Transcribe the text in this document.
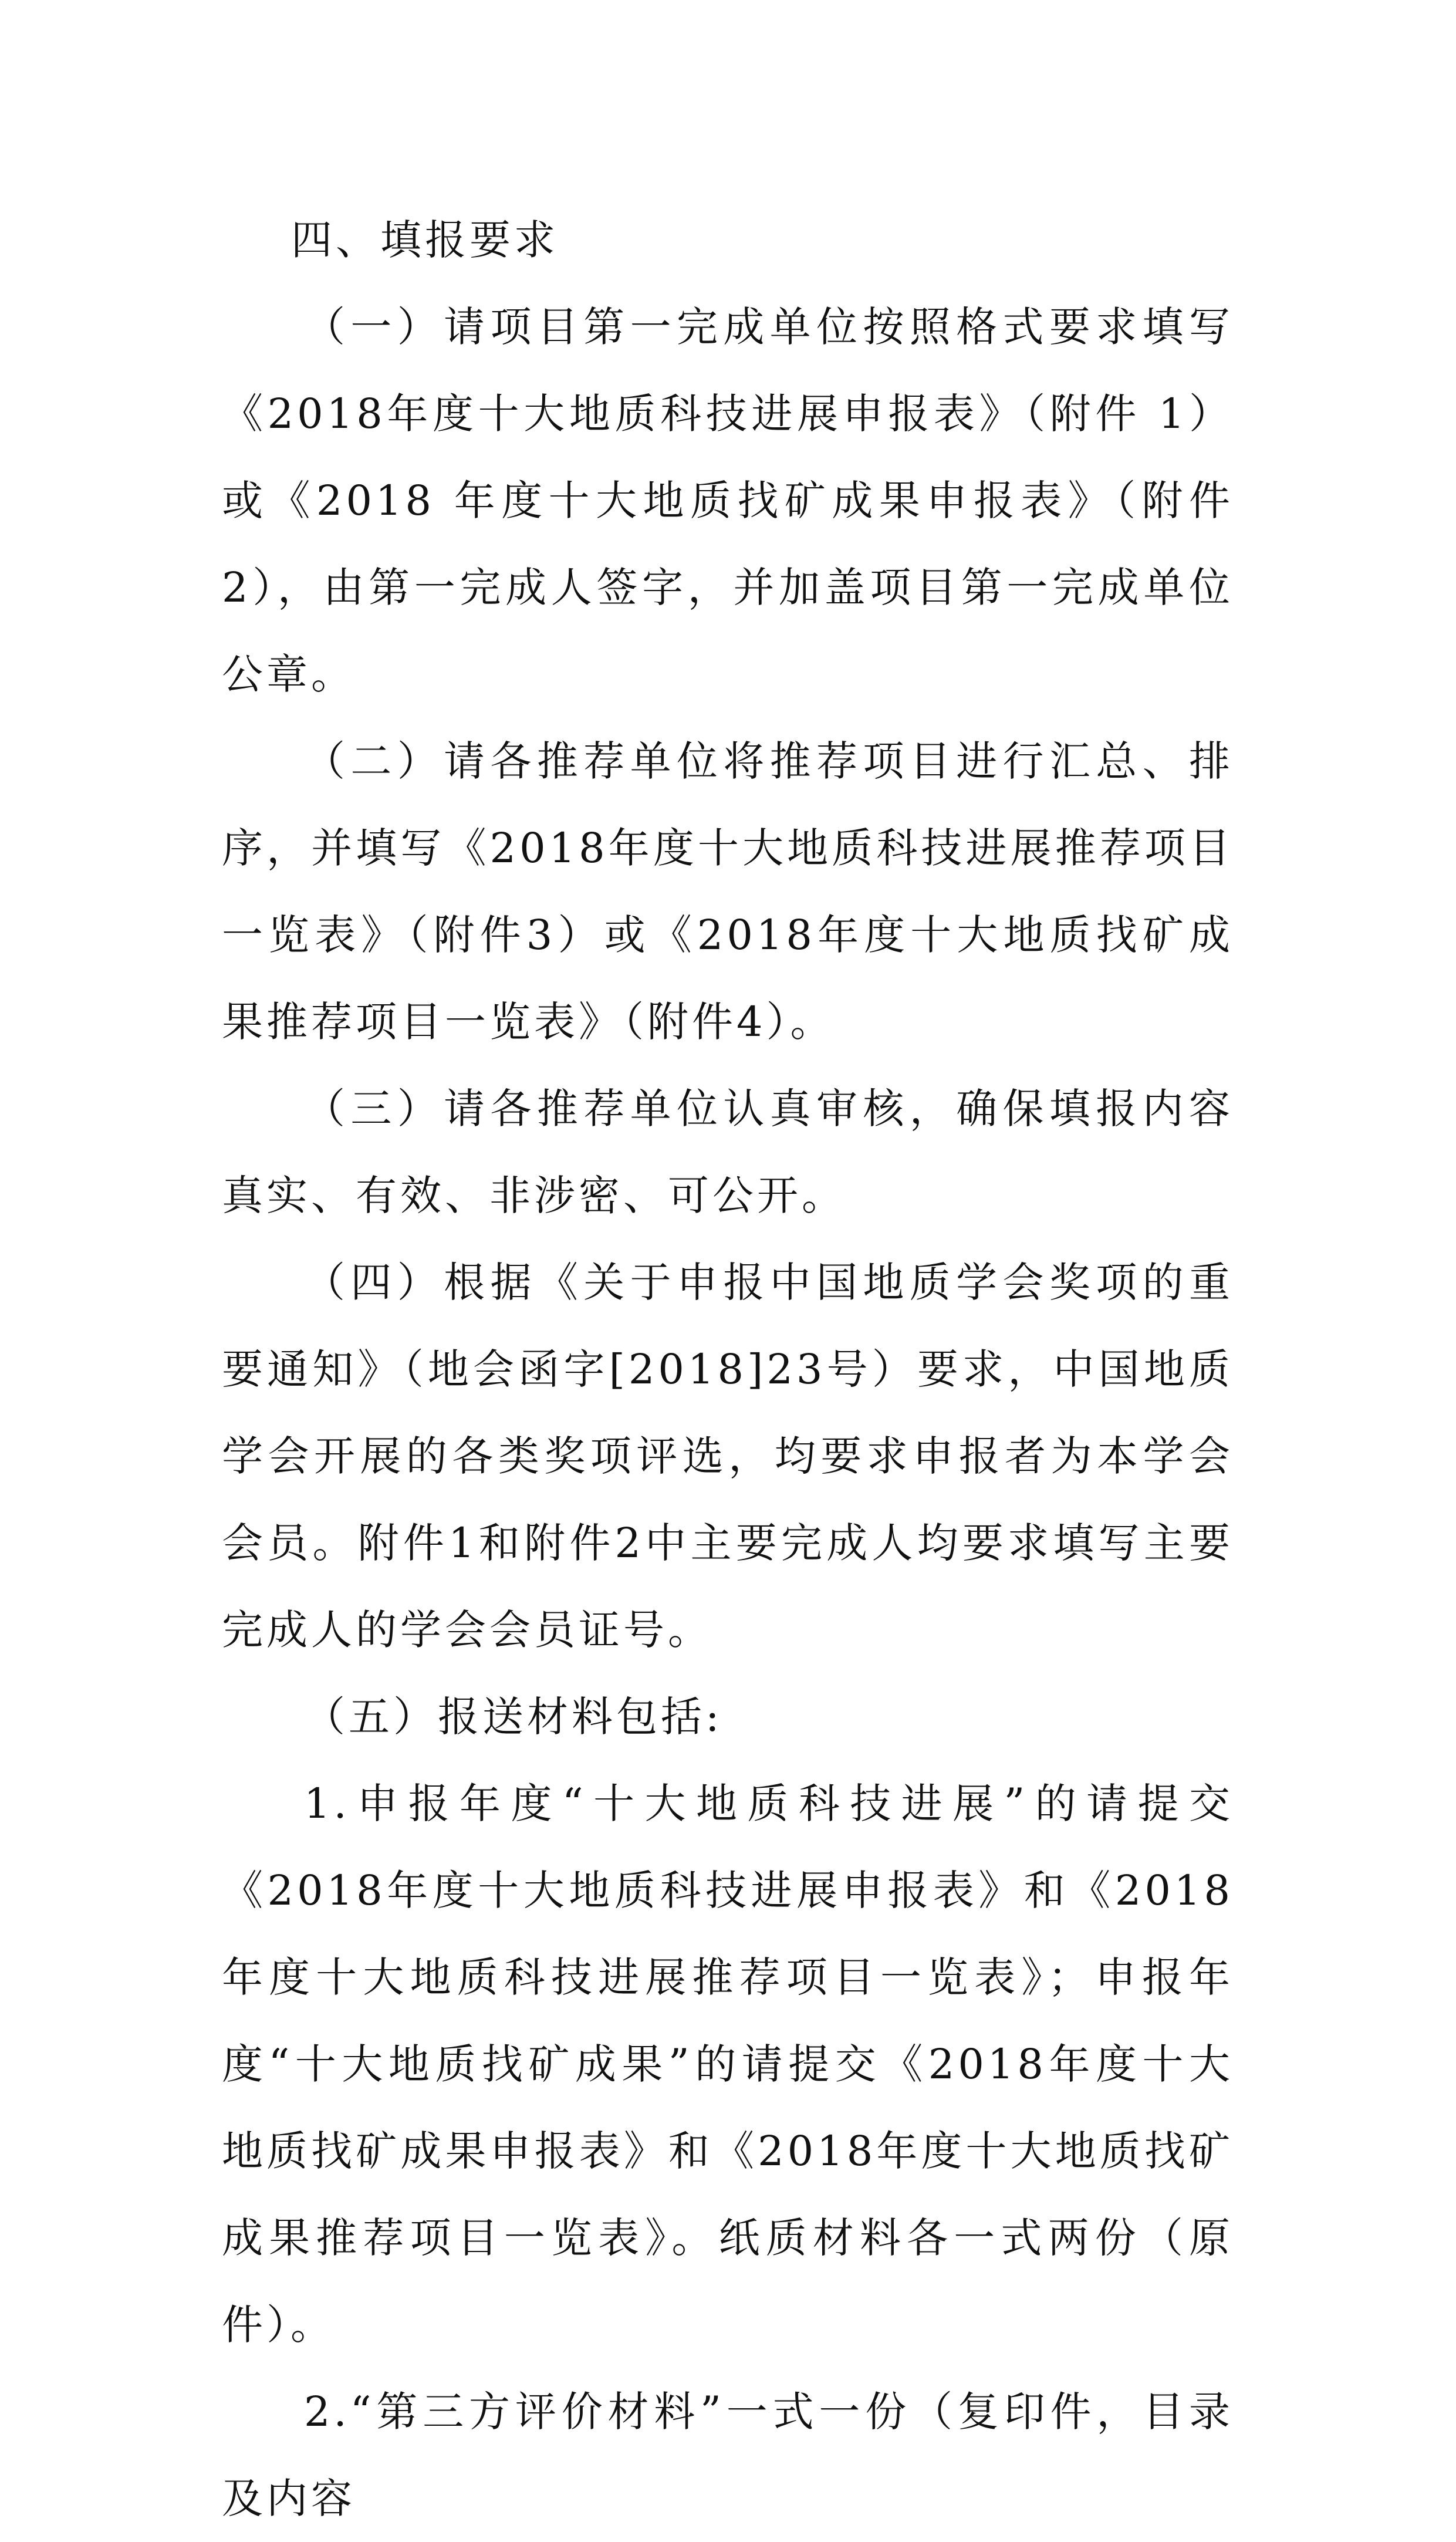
四、填报要求

（一）请项目第一完成单位按照格式要求填写《2018年度十大地质科技进展申报表》（附件 1）或《2018 年度十大地质找矿成果申报表》（附件 2），由第一完成人签字，并加盖项目第一完成单位公章。

（二）请各推荐单位将推荐项目进行汇总、排序，并填写《2018年度十大地质科技进展推荐项目一览表》（附件3）或《2018年度十大地质找矿成果推荐项目一览表》（附件4）。

（三）请各推荐单位认真审核，确保填报内容真实、有效、非涉密、可公开。

（四）根据《关于申报中国地质学会奖项的重要通知》（地会函字[2018]23号）要求，中国地质学会开展的各类奖项评选，均要求申报者为本学会会员。附件1和附件2中主要完成人均要求填写主要完成人的学会会员证号。

（五）报送材料包括:

1.申报年度“十大地质科技进展”的请提交《2018年度十大地质科技进展申报表》和《2018 年度十大地质科技进展推荐项目一览表》；申报年度“十大地质找矿成果”的请提交《2018年度十大地质找矿成果申报表》和《2018年度十大地质找矿成果推荐项目一览表》。纸质材料各一式两份（原件）。

2.“第三方评价材料”一式一份（复印件，目录及内容
